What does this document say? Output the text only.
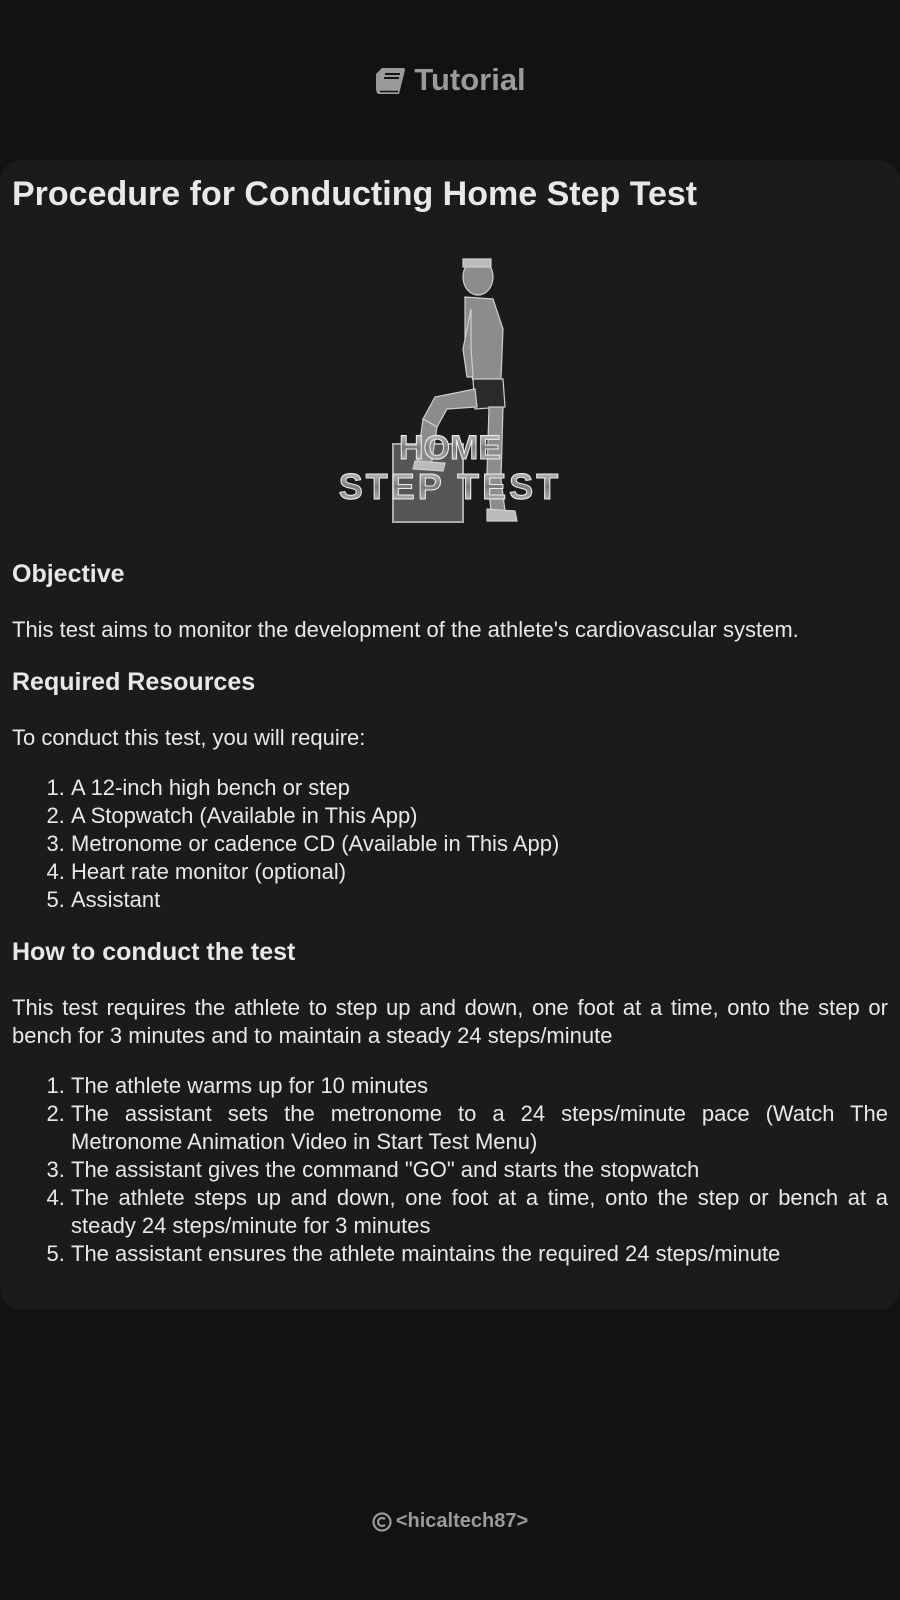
Tutorial
Procedure for Conducting Home Step Test
HOME
STEP TEST
Objective

This test aims to monitor the development of the athlete's cardiovascular system.

Required Resources

To conduct this test, you will require:

1. A 12-inch high bench or step
2. A Stopwatch (Available in This App)
3. Metronome or cadence CD (Available in This App)
4. Heart rate monitor (optional)
5. Assistant
How to conduct the test

This test requires the athlete to step up and down, one foot at a time, onto the step or bench for 3 minutes and to maintain a steady 24 steps/minute

1. The athlete warms up for 10 minutes
2. The assistant sets the metronome to a 24 steps/minute pace (Watch The Metronome Animation Video in Start Test Menu)
3. The assistant gives the command "GO" and starts the stopwatch
4. The athlete steps up and down, one foot at a time, onto the step or bench at a steady 24 steps/minute for 3 minutes
5. The assistant ensures the athlete maintains the required 24 steps/minute
<hicaltech87>
